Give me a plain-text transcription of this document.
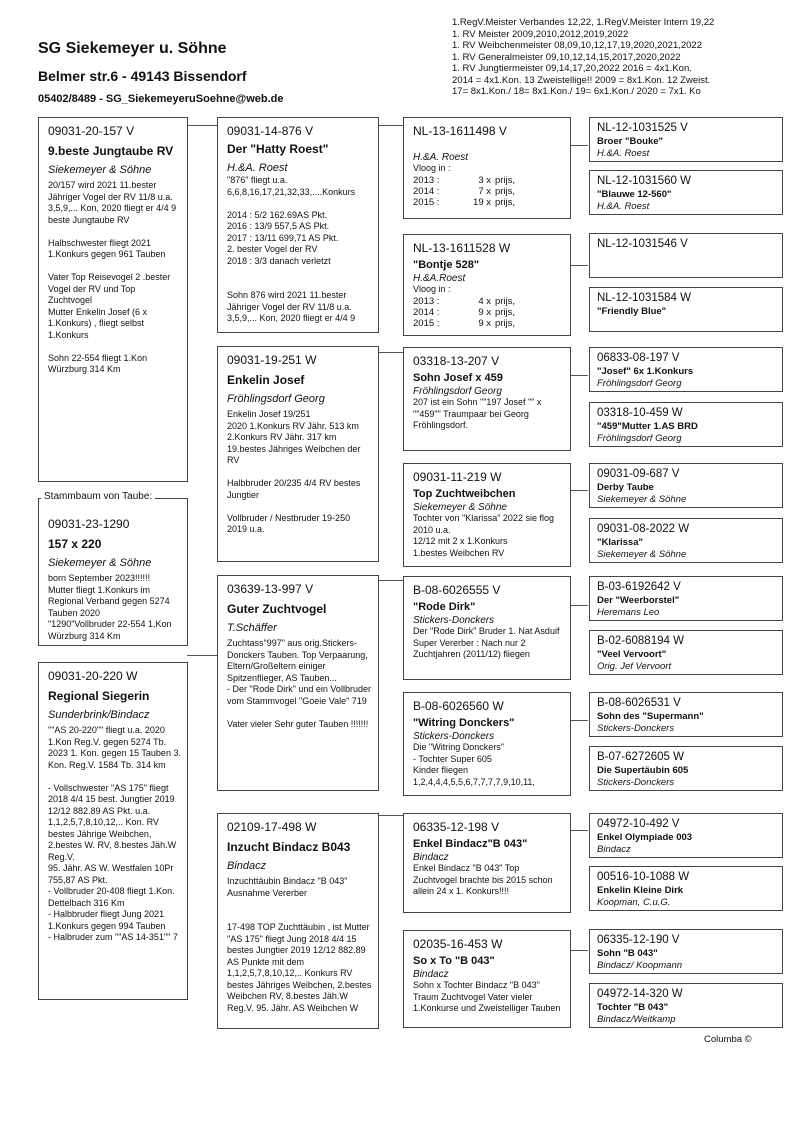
SG Siekemeyer u. Söhne
Belmer str.6 - 49143 Bissendorf
05402/8489 - SG_SiekemeyeruSoehne@web.de
1.RegV.Meister Verbandes 12,22, 1.RegV.Meister Intern 19,22
1. RV Meister 2009,2010,2012,2019,2022
1. RV Weibchenmeister 08,09,10,12,17,19,2020,2021,2022
1. RV Generalmeister 09,10,12,14,15,2017,2020,2022
1. RV Jungtiermeister 09,14,17,20,2022 2016 = 4x1.Kon.
2014 = 4x1.Kon. 13 Zweistellige!! 2009 = 8x1.Kon. 12 Zweist.
17= 8x1.Kon./ 18= 8x1.Kon./ 19= 6x1.Kon./ 2020 = 7x1. Ko
09031-20-157 V
9.beste Jungtaube RV
Siekemeyer & Söhne
20/157 wird 2021 11.bester Jähriger Vogel der RV 11/8 u.a. 3,5,9,... Kon, 2020 fliegt er 4/4 9 beste Jungtaube RV

Halbschwester fliegt 2021 1.Konkurs gegen 961 Tauben

Vater Top Reisevogel 2 .bester Vogel der RV und Top Zuchtvogel
Mutter Enkelin Josef (6 x 1.Konkurs) , fliegt selbst 1.Konkurs

Sohn 22-554 fliegt 1.Kon Würzburg 314 Km
Stammbaum von Taube:
09031-23-1290
157 x 220
Siekemeyer & Söhne
born September 2023!!!!!!
Mutter fliegt 1.Konkurs im Regional Verband gegen 5274 Tauben 2020
"1290"Vollbruder 22-554 1.Kon Würzburg 314 Km
09031-20-220 W
Regional Siegerin
Sunderbrink/Bindacz
""AS 20-220"" fliegt u.a. 2020 1.Kon Reg.V. gegen 5274 Tb. 2023 1. Kon. gegen 15 Tauben 3. Kon. Reg.V. 1584 Tb. 314 km

- Vollschwester "AS 175" fliegt 2018 4/4 15 best. Jungtier 2019 12/12 882.89 AS Pkt. u.a. 1,1,2,5,7,8,10,12,.. Kon. RV bestes Jährige Weibchen, 2.bestes W. RV, 8.bestes Jäh.W Reg.V.
95. Jähr. AS W. Westfalen 10Pr 755,87 AS Pkt.
- Vollbruder 20-408 fliegt 1.Kon. Dettelbach 316 Km
- Halbbruder fliegt Jung 2021 1.Konkurs gegen 994 Tauben
- Halbruder zum ""AS 14-351"" 7
09031-14-876 V
Der "Hatty Roest"
H.&A. Roest
"876" fliegt u.a. 6,6,8,16,17,21,32,33,....Konkurs

2014 : 5/2 162.69AS Pkt.
2016 : 13/9 557,5 AS Pkt.
2017 : 13/11 699,71 AS Pkt.
2. bester Vogel der RV
2018 : 3/3 danach verletzt

Sohn 876 wird 2021 11.bester Jähriger Vogel der RV 11/8 u.a. 3,5,9,... Kon, 2020 fliegt er 4/4 9
09031-19-251 W
Enkelin Josef
Fröhlingsdorf Georg
Enkelin Josef 19/251
2020 1.Konkurs RV Jähr. 513 km
2.Konkurs RV Jähr. 317 km
19.bestes Jähriges Weibchen der RV

Halbbruder 20/235 4/4 RV bestes Jungtier

Vollbruder / Nestbruder 19-250 2019 u.a.
03639-13-997 V
Guter Zuchtvogel
T.Schäffer
Zuchtass"997" aus orig.Stickers-Donckers Tauben. Top Verpaarung, Eltern/Großeltern einiger Spitzenflieger, AS Tauben...
- Der "Rode Dirk" und ein Vollbruder vom Stammvogel "Goeie Vale" 719

Vater vieler Sehr guter Tauben !!!!!!!
02109-17-498 W
Inzucht Bindacz B043
Bindacz
Inzuchttäubin Bindacz "B 043" Ausnahme Vererber

17-498 TOP Zuchttäubin , ist Mutter "AS 175" fliegt Jung 2018 4/4 15 bestes Jungtier 2019 12/12 882.89 AS Punkte mit dem 1,1,2,5,7,8,10,12,.. Konkurs RV bestes Jähriges Weibchen, 2.bestes Weibchen RV, 8.bestes Jäh.W Reg.V. 95. Jähr. AS Weibchen W
NL-13-1611498 V
H.&A. Roest
Vloog in :
2013 :	3 x	prijs,
2014 :	7 x	prijs,
2015 :	19 x	prijs,
NL-13-1611528 W
"Bontje 528"
H.&A.Roest
Vloog in :
2013 :	4 x	prijs,
2014 :	9 x	prijs,
2015 :	9 x	prijs,
03318-13-207 V
Sohn Josef x 459
Fröhlingsdorf Georg
207 ist ein Sohn ""197 Josef "" x ""459"" Traumpaar bei Georg Fröhlingsdorf.
09031-11-219 W
Top Zuchtweibchen
Siekemeyer & Söhne
Tochter von "Klarissa" 2022 sie flog 2010 u.a.
12/12 mit 2 x 1.Konkurs
1.bestes Weibchen RV
B-08-6026555 V
"Rode Dirk"
Stickers-Donckers
Der "Rode Dirk" Bruder 1. Nat Asduif
Super Vererber : Nach nur 2 Zuchtjahren (2011/12) fliegen
B-08-6026560 W
"Witring Donckers"
Stickers-Donckers
Die "Witring Donckers"
- Tochter Super 605
Kinder fliegen
1,2,4,4,4,5,5,6,7,7,7,7,9,10,11,
06335-12-198 V
Enkel Bindacz"B 043"
Bindacz
Enkel Bindacz "B 043" Top Zuchtvogel brachte bis 2015 schon allein 24 x 1. Konkurs!!!!
02035-16-453 W
So x To "B 043"
Bindacz
Sohn x Tochter Bindacz "B 043" Traum Zuchtvogel Vater vieler 1.Konkurse und Zweistelliger Tauben
NL-12-1031525 V
Broer "Bouke"
H.&A. Roest
NL-12-1031560 W
"Blauwe 12-560"
H.&A. Roest
NL-12-1031546 V
NL-12-1031584 W
"Friendly Blue"
06833-08-197 V
"Josef" 6x 1.Konkurs
Fröhlingsdorf Georg
03318-10-459 W
"459"Mutter 1.AS BRD
Fröhlingsdorf Georg
09031-09-687 V
Derby Taube
Siekemeyer & Söhne
09031-08-2022 W
"Klarissa"
Siekemeyer & Söhne
B-03-6192642 V
Der "Weerborstel"
Heremans Leo
B-02-6088194 W
"Veel Vervoort"
Orig. Jef Vervoort
B-08-6026531 V
Sohn des "Supermann"
Stickers-Donckers
B-07-6272605 W
Die Supertäubin 605
Stickers-Donckers
04972-10-492 V
Enkel Olympiade 003
Bindacz
00516-10-1088 W
Enkelin Kleine Dirk
Koopman, C.u.G.
06335-12-190 V
Sohn "B 043"
Bindacz/ Koopmann
04972-14-320 W
Tochter "B 043"
Bindacz/Weitkamp
Columba ©
